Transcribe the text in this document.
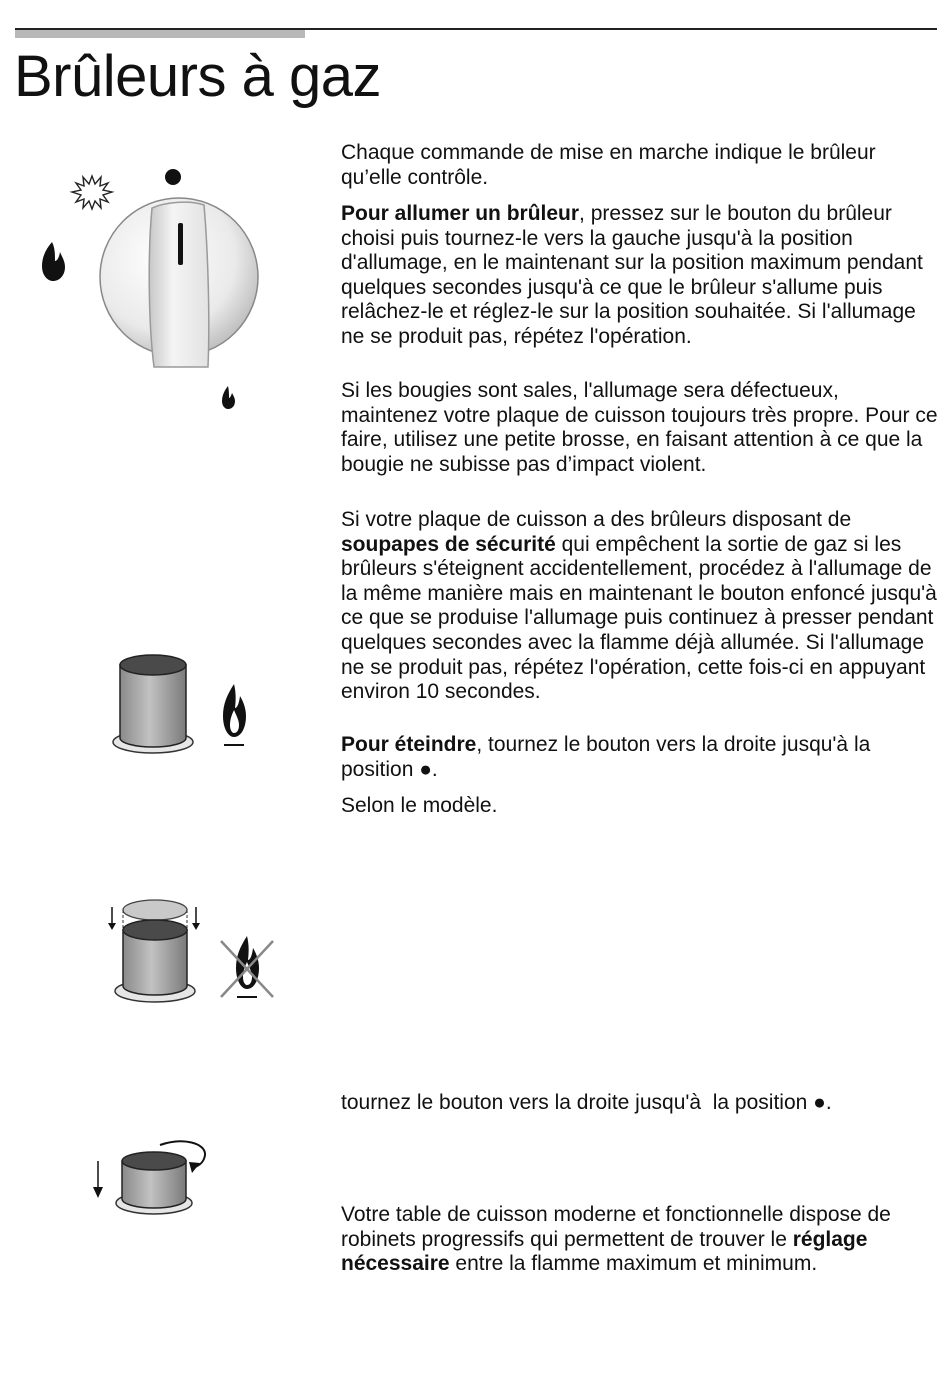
Brûleurs à gaz

Chaque commande de mise en marche indique le brûleur qu’elle contrôle.

Pour allumer un brûleur, pressez sur le bouton du brûleur choisi puis tournez-le vers la gauche jusqu'à la position d'allumage, en le maintenant sur la position maximum pendant quelques secondes jusqu'à ce que le brûleur s'allume puis relâchez-le et réglez-le sur la position souhaitée. Si l'allumage ne se produit pas, répétez l'opération.

Si les bougies sont sales, l'allumage sera défectueux, maintenez votre plaque de cuisson toujours très propre. Pour ce faire, utilisez une petite brosse, en faisant attention à ce que la bougie ne subisse pas d’impact violent.

Si votre plaque de cuisson a des brûleurs disposant de soupapes de sécurité qui empêchent la sortie de gaz si les brûleurs s'éteignent accidentellement, procédez à l'allumage de la même manière mais en maintenant le bouton enfoncé jusqu'à ce que se produise l'allumage puis continuez à presser pendant quelques secondes avec la flamme déjà allumée. Si l'allumage ne se produit pas, répétez l'opération, cette fois-ci en appuyant environ 10 secondes.

Pour éteindre, tournez le bouton vers la droite jusqu'à la position ●.

Selon le modèle.

tournez le bouton vers la droite jusqu'à  la position ●.

Votre table de cuisson moderne et fonctionnelle dispose de robinets progressifs qui permettent de trouver le réglage nécessaire entre la flamme maximum et minimum.
